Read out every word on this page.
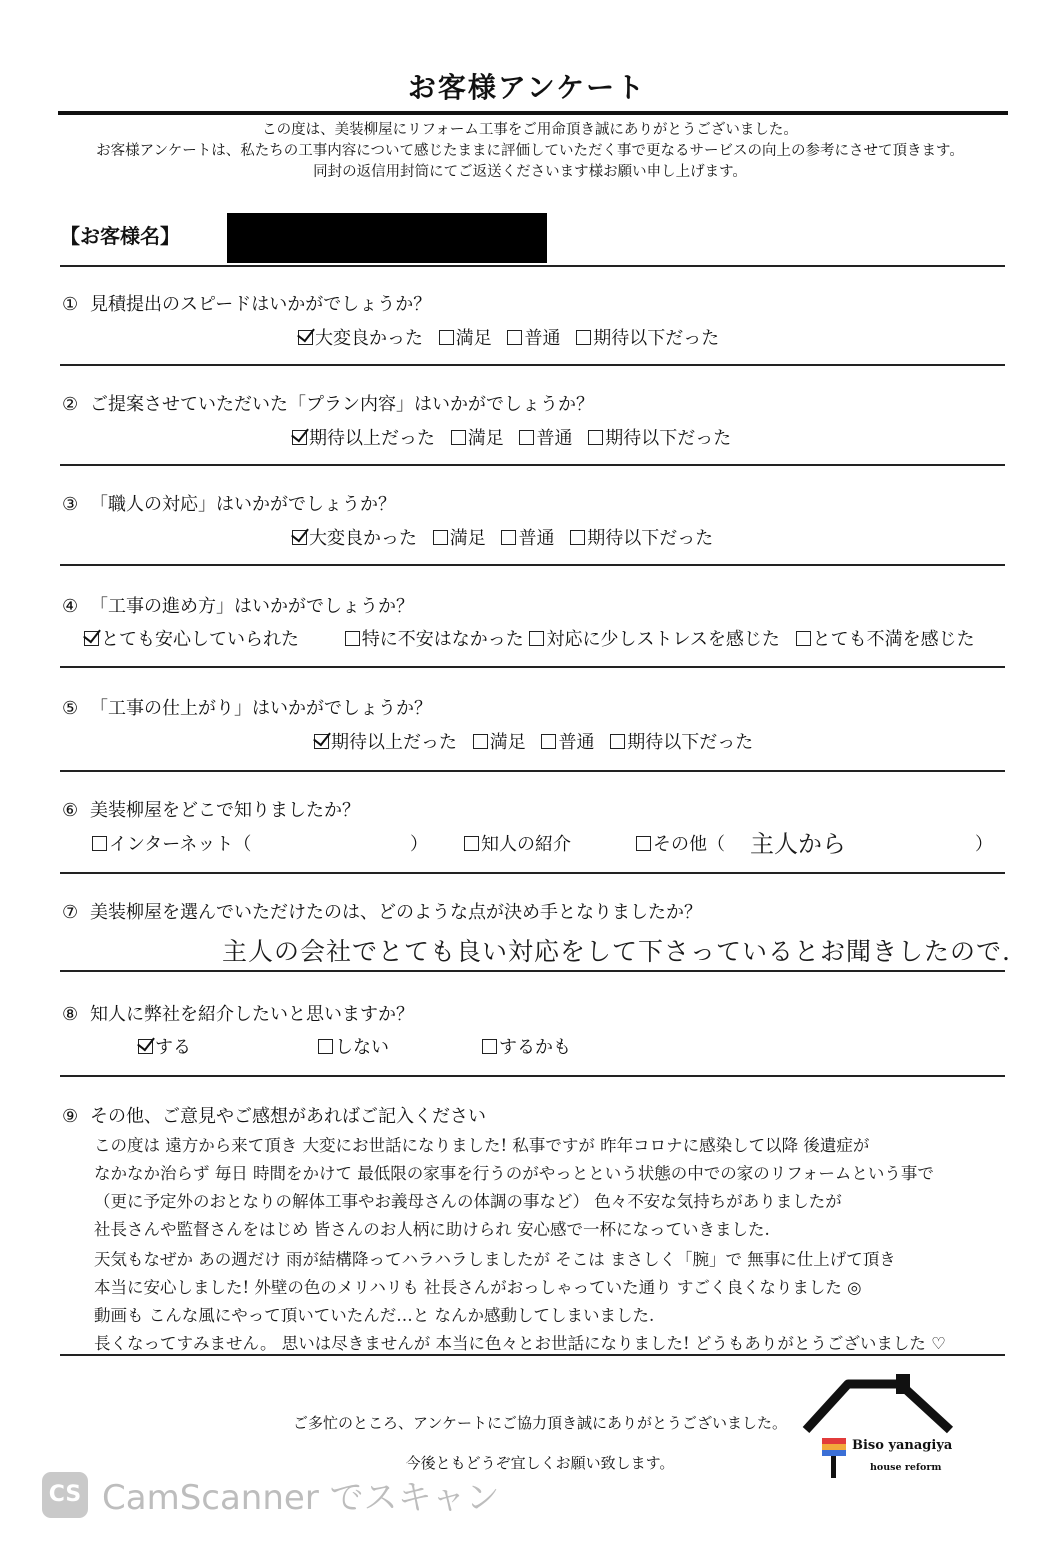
お客様アンケート
この度は、美装柳屋にリフォーム工事をご用命頂き誠にありがとうございました。
お客様アンケートは、私たちの工事内容について感じたままに評価していただく事で更なるサービスの向上の参考にさせて頂きます。
同封の返信用封筒にてご返送くださいます様お願い申し上げます。
【お客様名】
① 見積提出のスピードはいかがでしょうか？
大変良かった 満足 普通 期待以下だった
② ご提案させていただいた「プラン内容」はいかがでしょうか？
期待以上だった 満足 普通 期待以下だった
③ 「職人の対応」はいかがでしょうか？
大変良かった 満足 普通 期待以下だった
④ 「工事の進め方」はいかがでしょうか？
とても安心していられた	特に不安はなかった 対応に少しストレスを感じた とても不満を感じた
⑤ 「工事の仕上がり」はいかがでしょうか？
期待以上だった 満足 普通 期待以下だった
⑥ 美装柳屋をどこで知りましたか？
インターネット（	）	知人の紹介	その他（ 主人から	）
⑦ 美装柳屋を選んでいただけたのは、どのような点が決め手となりましたか？
主人の会社でとても良い対応をして下さっているとお聞きしたので.
⑧ 知人に弊社を紹介したいと思いますか？
する	しない	するかも
⑨ その他、ご意見やご感想があればご記入ください
この度は 遠方から来て頂き 大変にお世話になりました! 私事ですが 昨年コロナに感染して以降 後遺症が
なかなか治らず 毎日 時間をかけて 最低限の家事を行うのがやっとという状態の中での家のリフォームという事で
（更に予定外のおとなりの解体工事やお義母さんの体調の事など） 色々不安な気持ちがありましたが
社長さんや監督さんをはじめ 皆さんのお人柄に助けられ 安心感で一杯になっていきました.
天気もなぜか あの週だけ 雨が結構降ってハラハラしましたが そこは まさしく「腕」で 無事に仕上げて頂き
本当に安心しました! 外壁の色のメリハリも 社長さんがおっしゃっていた通り すごく良くなりました ◎
動画も こんな風にやって頂いていたんだ…と なんか感動してしまいました.
長くなってすみません。 思いは尽きませんが 本当に色々とお世話になりました! どうもありがとうございました ♡
ご多忙のところ、アンケートにご協力頂き誠にありがとうございました。
今後ともどうぞ宜しくお願い致します。
Biso yanagiya
house reform
CS CamScanner でスキャン
